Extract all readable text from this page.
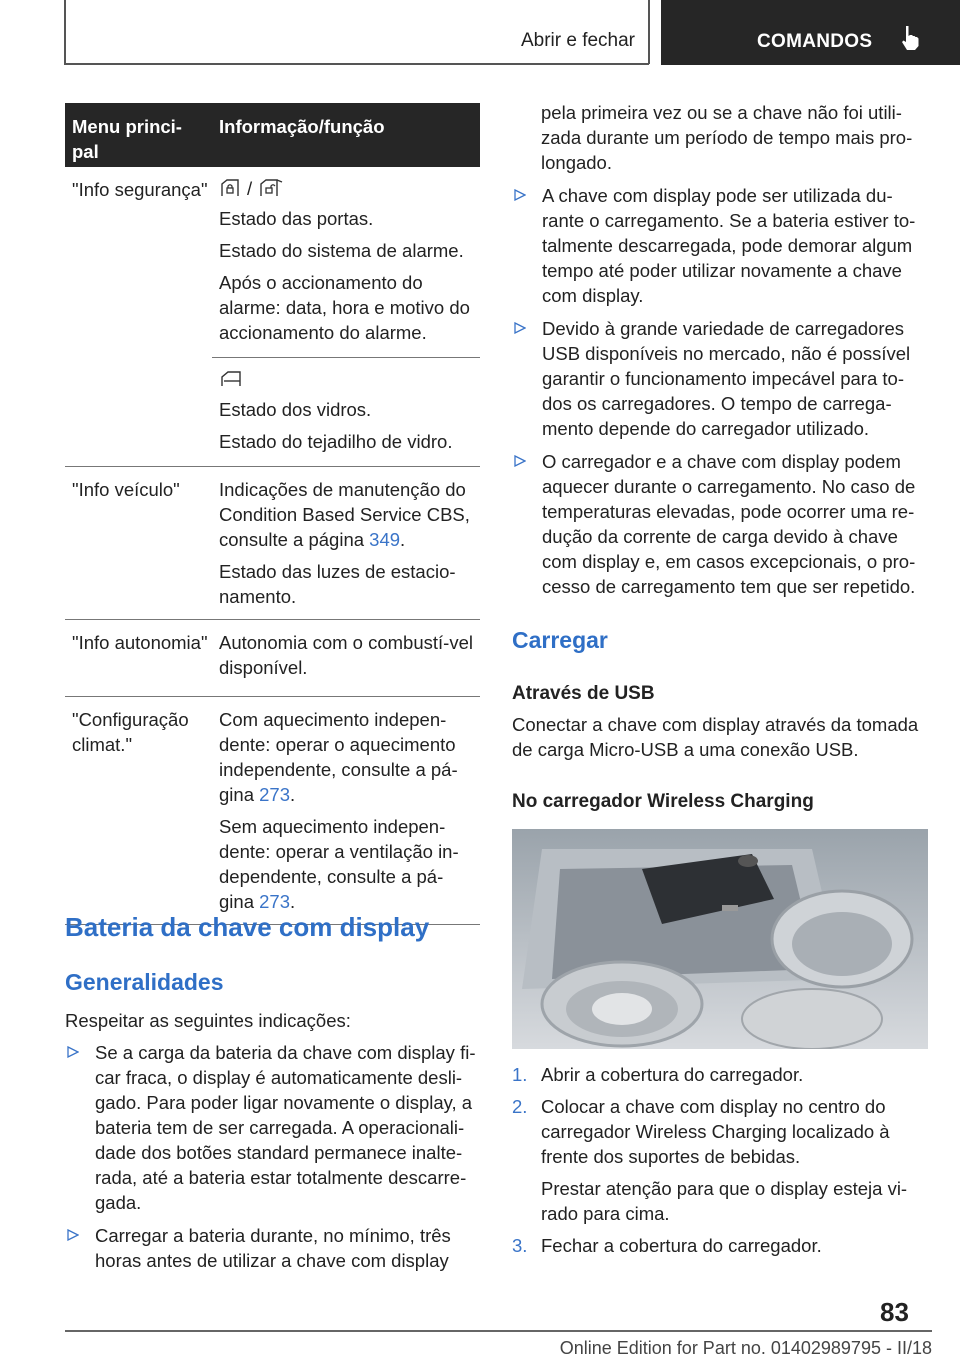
Abrir e fechar	COMANDOS
Menu princi-pal
Informação/função
"Info segurança" /

Estado das portas.

Estado do sistema de alarme.

Após o accionamento do alarme: data, hora e motivo do accionamento do alarme.

Estado dos vidros.

Estado do tejadilho de vidro.

"Info veículo"	Indicações de manutenção do Condition Based Service CBS, consulte a página 349.

Estado das luzes de estacio-namento.

"Info autonomia" Autonomia com o combustí-vel disponível.

"Configuração climat."

Com aquecimento indepen-dente: operar o aquecimento independente, consulte a pá-gina 273.

Sem aquecimento indepen-dente: operar a ventilação in-dependente, consulte a pá-gina 273.

Bateria da chave com display
Generalidades
Respeitar as seguintes indicações:
Se a carga da bateria da chave com display fi-car fraca, o display é automaticamente desli-gado. Para poder ligar novamente o display, a bateria tem de ser carregada. A operacionali-dade dos botões standard permanece inalte-rada, até a bateria estar totalmente descarre-gada.
Carregar a bateria durante, no mínimo, três horas antes de utilizar a chave com display
pela primeira vez ou se a chave não foi utili-zada durante um período de tempo mais pro-longado.
A chave com display pode ser utilizada du-rante o carregamento. Se a bateria estiver to-talmente descarregada, pode demorar algum tempo até poder utilizar novamente a chave com display.
Devido à grande variedade de carregadores USB disponíveis no mercado, não é possível garantir o funcionamento impecável para to-dos os carregadores. O tempo de carrega-mento depende do carregador utilizado.
O carregador e a chave com display podem aquecer durante o carregamento. No caso de temperaturas elevadas, pode ocorrer uma re-dução da corrente de carga devido à chave com display e, em casos excepcionais, o pro-cesso de carregamento tem que ser repetido.
Carregar
Através de USB
Conectar a chave com display através da tomada de carga Micro-USB a uma conexão USB.
No carregador Wireless Charging
1. Abrir a cobertura do carregador.

2. Colocar a chave com display no centro do carregador Wireless Charging localizado à frente dos suportes de bebidas.

Prestar atenção para que o display esteja vi-rado para cima.

3. Fechar a cobertura do carregador.

83
Online Edition for Part no. 01402989795 - II/18
